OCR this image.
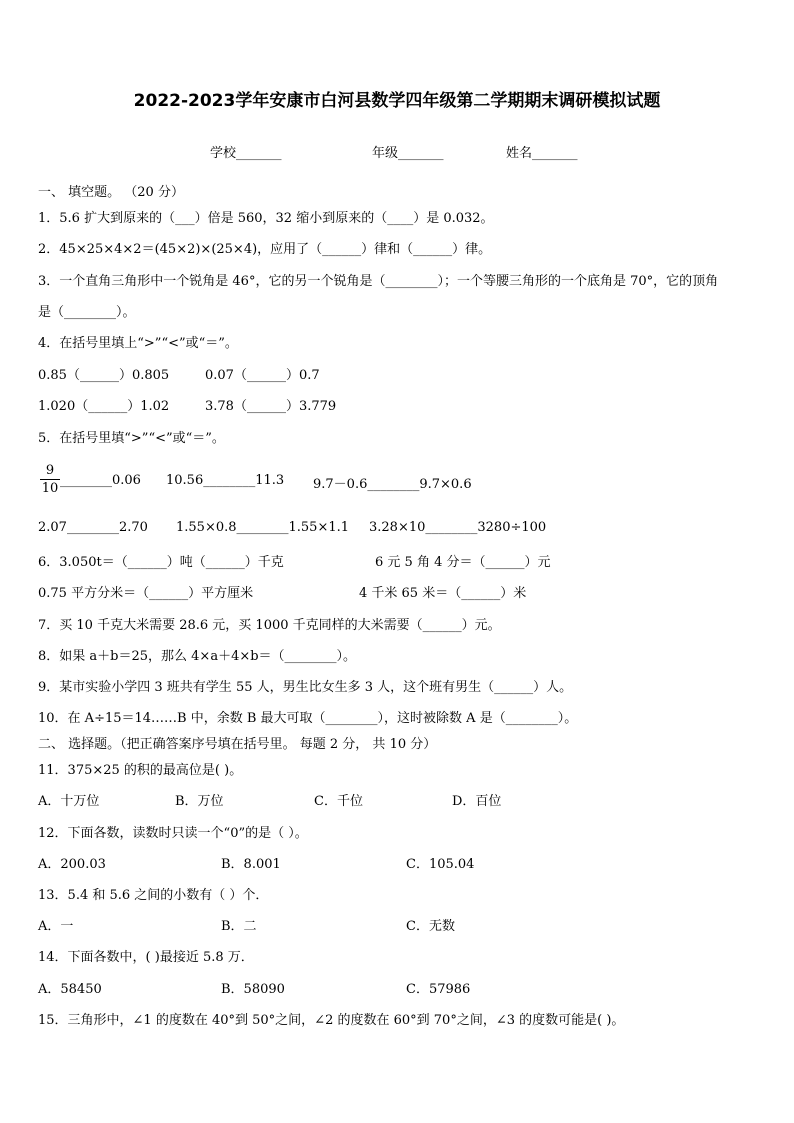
2022-2023学年安康市白河县数学四年级第二学期期末调研模拟试题
学校_______	年级_______	姓名_______
一、 填空题。 （20 分）
1．5.6 扩大到原来的（___）倍是 560，32 缩小到原来的（____）是 0.032。
2．45×25×4×2＝(45×2)×(25×4)，应用了（______）律和（______）律。
3．一个直角三角形中一个锐角是 46°，它的另一个锐角是（________）；一个等腰三角形的一个底角是 70°，它的顶角
是（________）。
4．在括号里填上“>”“<”或“＝”。
0.85（______）0.805	0.07（______）0.7
1.020（______）1.02	3.78（______）3.779
5．在括号里填“>”“<”或“＝”。
$\frac{9}{10}$ ________0.06 10.56________11.3 9.7－0.6________9.7×0.6
2.07________2.70 1.55×0.8________1.55×1.1 3.28×10________3280÷100
6．3.050t＝（______）吨（______）千克	6 元 5 角 4 分＝（______）元
0.75 平方分米＝（______）平方厘米	4 千米 65 米＝（______）米
7．买 10 千克大米需要 28.6 元，买 1000 千克同样的大米需要（______）元。
8．如果 a＋b＝25，那么 4×a＋4×b＝（________）。
9．某市实验小学四 3 班共有学生 55 人，男生比女生多 3 人，这个班有男生（______）人。
10．在 A÷15＝14……B 中，余数 B 最大可取（________），这时被除数 A 是（________）。
二、 选择题。（把正确答案序号填在括号里。 每题 2 分， 共 10 分）
11．375×25 的积的最高位是( )。
A．十万位	B．万位	C．千位	D．百位
12．下面各数，读数时只读一个“0”的是（ ）。
A．200.03	B．8.001	C．105.04
13．5.4 和 5.6 之间的小数有（ ）个．
A．一	B．二	C．无数
14．下面各数中，( )最接近 5.8 万．
A．58450	B．58090	C．57986
15．三角形中，∠1 的度数在 40°到 50°之间，∠2 的度数在 60°到 70°之间，∠3 的度数可能是( )。
